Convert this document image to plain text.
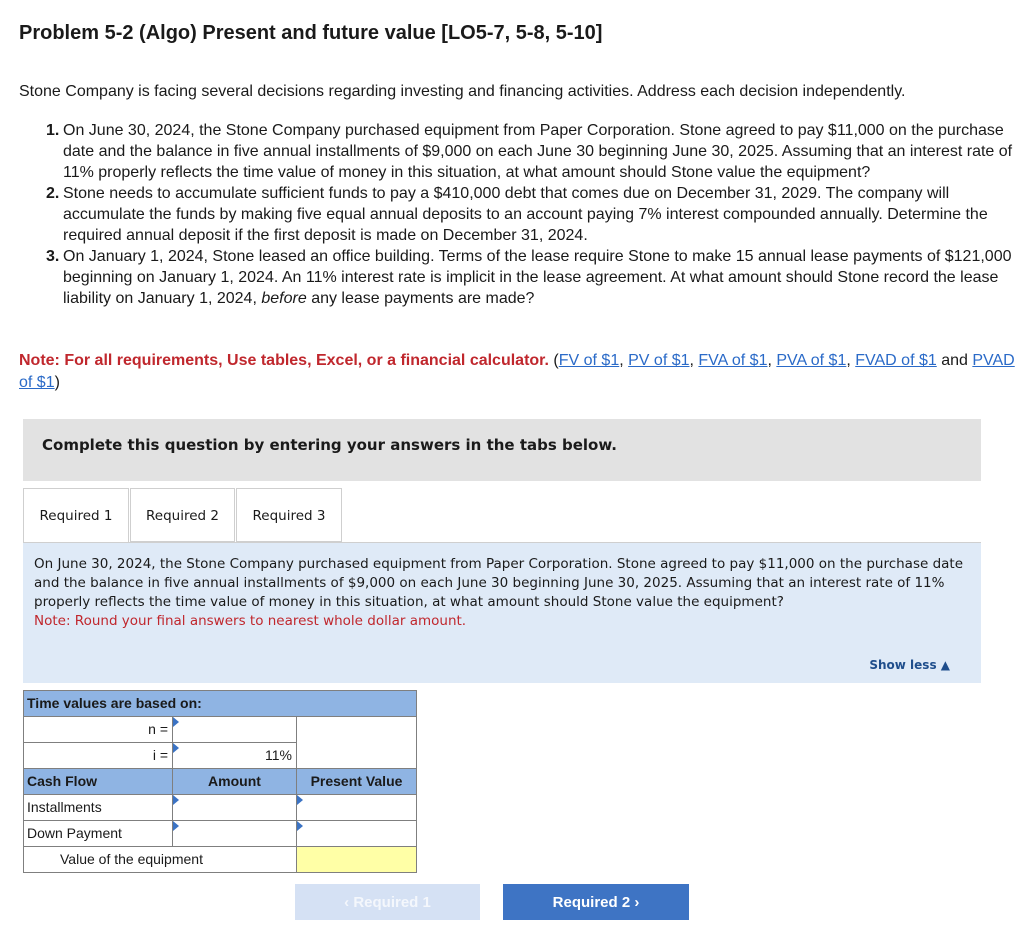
Problem 5-2 (Algo) Present and future value [LO5-7, 5-8, 5-10]

Stone Company is facing several decisions regarding investing and financing activities. Address each decision independently.

1. On June 30, 2024, the Stone Company purchased equipment from Paper Corporation. Stone agreed to pay $11,000 on the purchase date and the balance in five annual installments of $9,000 on each June 30 beginning June 30, 2025. Assuming that an interest rate of 11% properly reflects the time value of money in this situation, at what amount should Stone value the equipment?
2. Stone needs to accumulate sufficient funds to pay a $410,000 debt that comes due on December 31, 2029. The company will accumulate the funds by making five equal annual deposits to an account paying 7% interest compounded annually. Determine the required annual deposit if the first deposit is made on December 31, 2024.
3. On January 1, 2024, Stone leased an office building. Terms of the lease require Stone to make 15 annual lease payments of $121,000 beginning on January 1, 2024. An 11% interest rate is implicit in the lease agreement. At what amount should Stone record the lease liability on January 1, 2024, before any lease payments are made?

Note: For all requirements, Use tables, Excel, or a financial calculator. (FV of $1, PV of $1, FVA of $1, PVA of $1, FVAD of $1 and PVAD of $1)

Complete this question by entering your answers in the tabs below.
Required 1	Required 2	Required 3

On June 30, 2024, the Stone Company purchased equipment from Paper Corporation. Stone agreed to pay $11,000 on the purchase date and the balance in five annual installments of $9,000 on each June 30 beginning June 30, 2025. Assuming that an interest rate of 11% properly reflects the time value of money in this situation, at what amount should Stone value the equipment?
Note: Round your final answers to nearest whole dollar amount.

Show less ▲
Time values are based on:
n =
i =	11%
Cash Flow	Amount	Present Value
Installments
Down Payment
Value of the equipment
‹ Required 1	Required 2 ›
